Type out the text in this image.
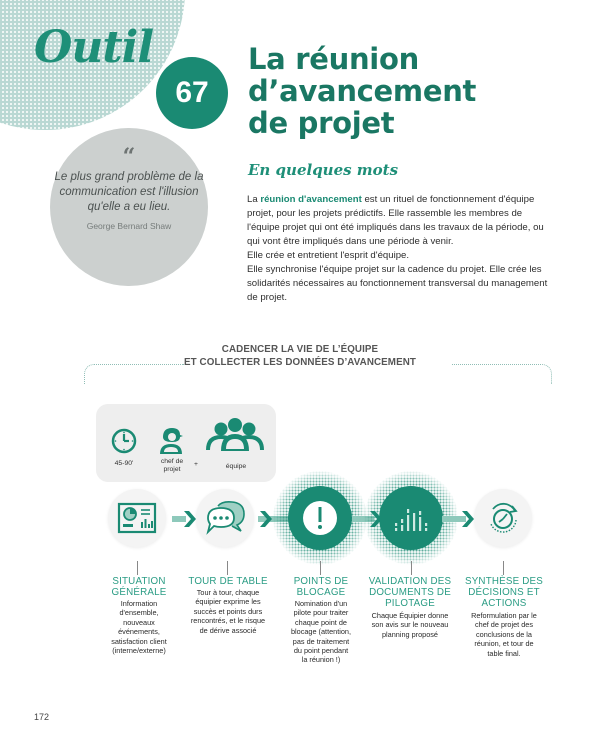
Outil
67
“
Le plus grand problème de la communication est l'illusion qu'elle a eu lieu.
George Bernard Shaw
La réunion
d’avancement
de projet
En quelques mots

La réunion d'avancement est un rituel de fonctionnement d'équipe projet, pour les projets prédictifs. Elle rassemble les membres de l'équipe projet qui ont été impliqués dans les travaux de la période, ou qui vont être impliqués dans une période à venir.

Elle crée et entretient l'esprit d'équipe.

Elle synchronise l'équipe projet sur la cadence du projet. Elle crée les solidarités nécessaires au fonctionnement transversal du management de projet.

CADENCER LA VIE DE L’ÉQUIPE
ET COLLECTER LES DONNÉES D’AVANCEMENT
45-90'	chef de
projet
+	équipe
SITUATION GÉNÉRALE
Information d'ensemble, nouveaux événements, satisfaction client (interne/externe)
TOUR DE TABLE
Tour à tour, chaque équipier exprime les succès et points durs rencontrés, et le risque de dérive associé
POINTS DE BLOCAGE
Nomination d'un pilote pour traiter chaque point de blocage (attention, pas de traitement du point pendant la réunion !)
VALIDATION DES DOCUMENTS DE PILOTAGE
Chaque Équipier donne son avis sur le nouveau planning proposé
SYNTHÈSE DES DÉCISIONS ET ACTIONS
Reformulation par le chef de projet des conclusions de la réunion, et tour de table final.
172
